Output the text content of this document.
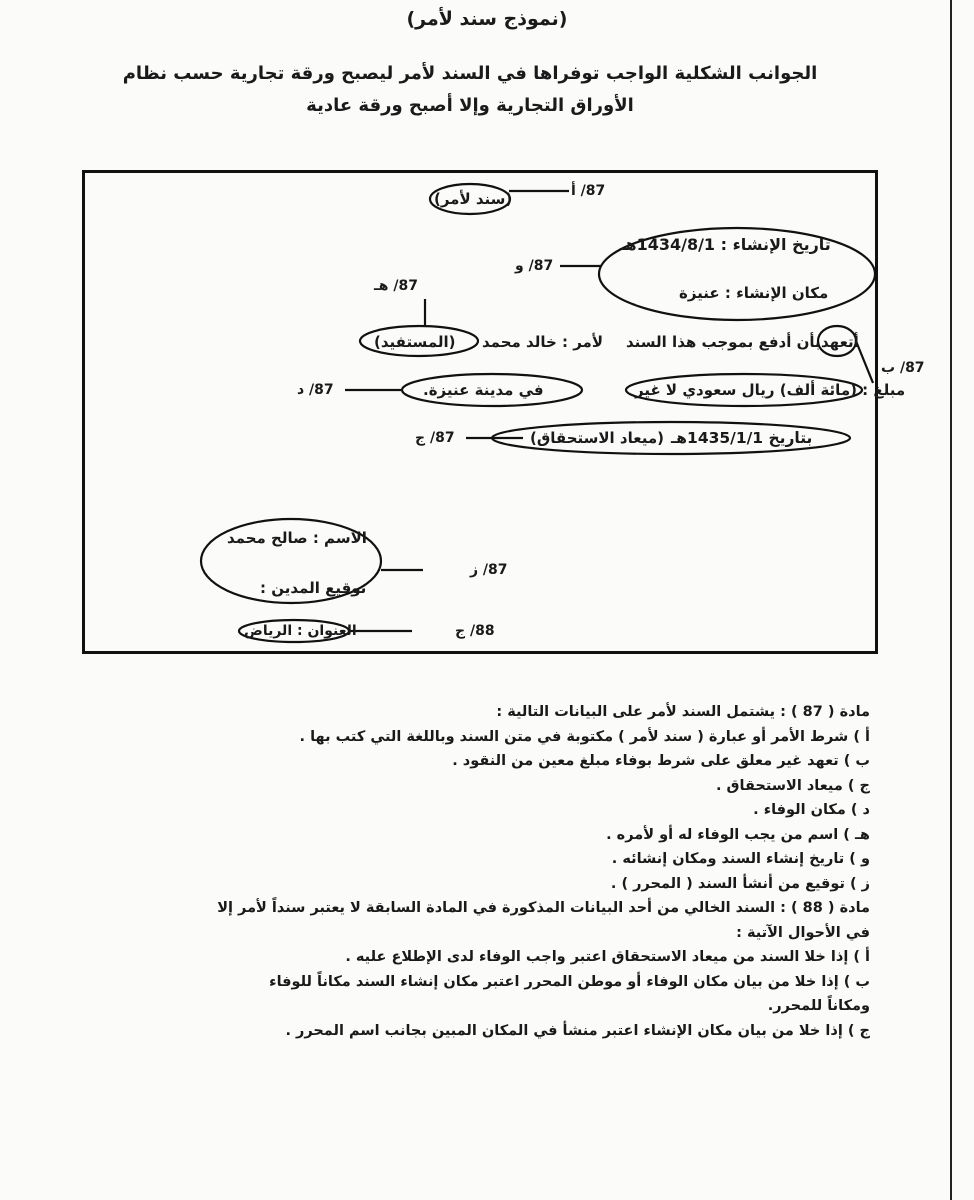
(نموذج سند لأمر)
الجوانب الشكلية الواجب توفراها في السند لأمر ليصبح ورقة تجارية حسب نظام
الأوراق التجارية وإلا أصبح ورقة عادية
87/ أ
(سند لأمر)
87/ و
تاريخ الإنشاء : 1434/8/1هـ
مكان الإنشاء : عنيزة
87/ هـ
(المستفيد) لأمر : خالد محمد بأن أدفع بموجب هذا السند أتعهد
87/ ب
87/ د	في مدينة عنيزة.	مبلغ : (مائة ألف) ريال سعودي لا غير
87/ ج	(ميعاد الاستحقاق) بتاريخ 1435/1/1هـ
87/ ز
الاسم : صالح محمد
توقيع المدين :
88/ ج
العنوان : الرياض
مادة ( 87 ) : يشتمل السند لأمر على البيانات التالية :
أ ) شرط الأمر أو عبارة ( سند لأمر ) مكتوبة في متن السند وباللغة التي كتب بها .
ب ) تعهد غير معلق على شرط بوفاء مبلغ معين من النقود .
ج ) ميعاد الاستحقاق .
د ) مكان الوفاء .
هـ ) اسم من يجب الوفاء له أو لأمره .
و ) تاريخ إنشاء السند ومكان إنشائه .
ز ) توقيع من أنشأ السند ( المحرر ) .
مادة ( 88 ) : السند الخالي من أحد البيانات المذكورة في المادة السابقة لا يعتبر سنداً لأمر إلا
في الأحوال الآتية :
أ ) إذا خلا السند من ميعاد الاستحقاق اعتبر واجب الوفاء لدى الإطلاع عليه .
ب ) إذا خلا من بيان مكان الوفاء أو موطن المحرر اعتبر مكان إنشاء السند مكاناً للوفاء
ومكاناً للمحرر.
ج ) إذا خلا من بيان مكان الإنشاء اعتبر منشأ في المكان المبين بجانب اسم المحرر .
